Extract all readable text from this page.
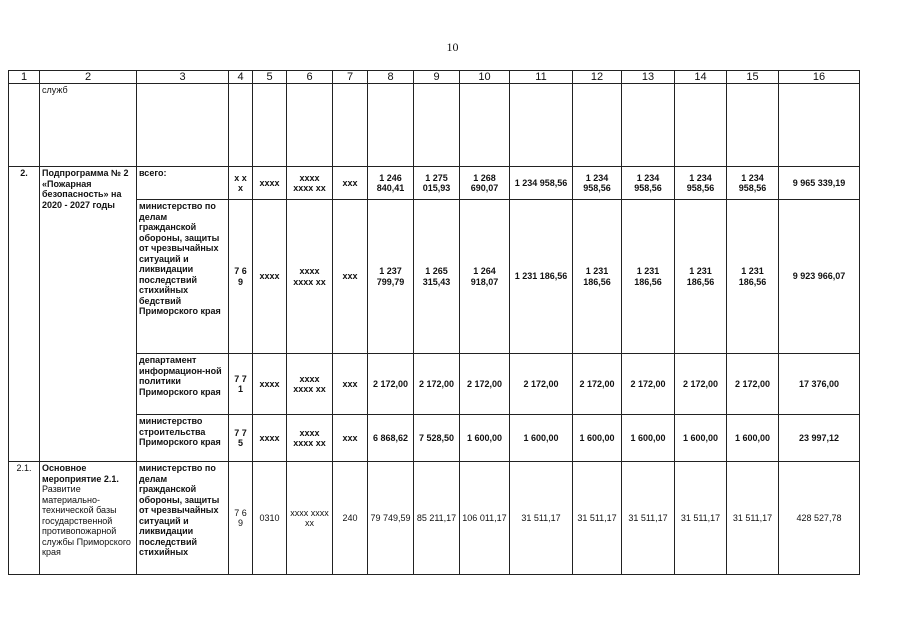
10
1	2	3	4	5	6	7	8	9	10	11	12	13	14	15	16
	служб														
2.	Подпрограмма № 2 «Пожарная безопасность» на 2020 - 2027 годы	всего:	х х х	хххх	хххх хххх хх	ххх	1 246 840,41	1 275 015,93	1 268 690,07	1 234 958,56	1 234 958,56	1 234 958,56	1 234 958,56	1 234 958,56	9 965 339,19
		министерство по делам гражданской обороны, защиты от чрезвычайных ситуаций и ликвидации последствий стихийных бедствий Приморского края	7 6 9	хххх	хххх хххх хх	ххх	1 237 799,79	1 265 315,43	1 264 918,07	1 231 186,56	1 231 186,56	1 231 186,56	1 231 186,56	1 231 186,56	9 923 966,07
		департамент информацион-ной политики Приморского края	7 7 1	хххх	хххх хххх хх	ххх	2 172,00	2 172,00	2 172,00	2 172,00	2 172,00	2 172,00	2 172,00	2 172,00	17 376,00
		министерство строительства Приморского края	7 7 5	хххх	хххх хххх хх	ххх	6 868,62	7 528,50	1 600,00	1 600,00	1 600,00	1 600,00	1 600,00	1 600,00	23 997,12
2.1.	Основное мероприятие 2.1. Развитие материально-технической базы государственной противопожарной службы Приморского края	министерство по делам гражданской обороны, защиты от чрезвычайных ситуаций и ликвидации последствий стихийных	7 6 9	0310	хххх хххх хх	240	79 749,59	85 211,17	106 011,17	31 511,17	31 511,17	31 511,17	31 511,17	31 511,17	428 527,78
